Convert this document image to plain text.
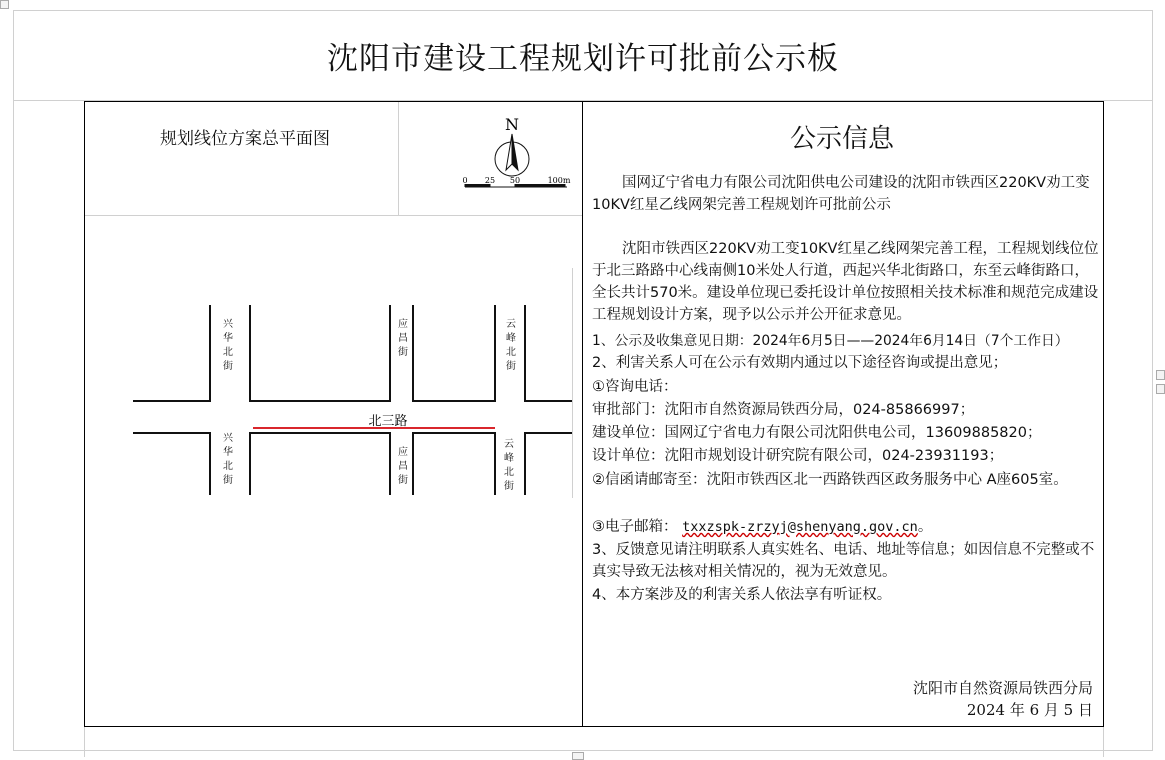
沈阳市建设工程规划许可批前公示板
规划线位方案总平面图
N
0 25 50	100m
北三路
兴华北街
兴华北街
应昌街
应昌街
云峰北街
云峰北街
公示信息
国网辽宁省电力有限公司沈阳供电公司建设的沈阳市铁西区220KV劝工变10KV红星乙线网架完善工程规划许可批前公示
沈阳市铁西区220KV劝工变10KV红星乙线网架完善工程，工程规划线位位于北三路路中心线南侧10米处人行道，西起兴华北街路口，东至云峰街路口，全长共计570米。建设单位现已委托设计单位按照相关技术标准和规范完成建设工程规划设计方案，现予以公示并公开征求意见。
1、公示及收集意见日期：2024年6月5日——2024年6月14日（7个工作日）
2、利害关系人可在公示有效期内通过以下途径咨询或提出意见；
①咨询电话：
审批部门：沈阳市自然资源局铁西分局，024-85866997；
建设单位：国网辽宁省电力有限公司沈阳供电公司，13609885820；
设计单位：沈阳市规划设计研究院有限公司，024-23931193；
②信函请邮寄至：沈阳市铁西区北一西路铁西区政务服务中心 A座605室。
③电子邮箱： txxzspk-zrzyj@shenyang.gov.cn。
3、反馈意见请注明联系人真实姓名、电话、地址等信息；如因信息不完整或不真实导致无法核对相关情况的，视为无效意见。
4、本方案涉及的利害关系人依法享有听证权。
沈阳市自然资源局铁西分局
2024 年 6 月 5 日
